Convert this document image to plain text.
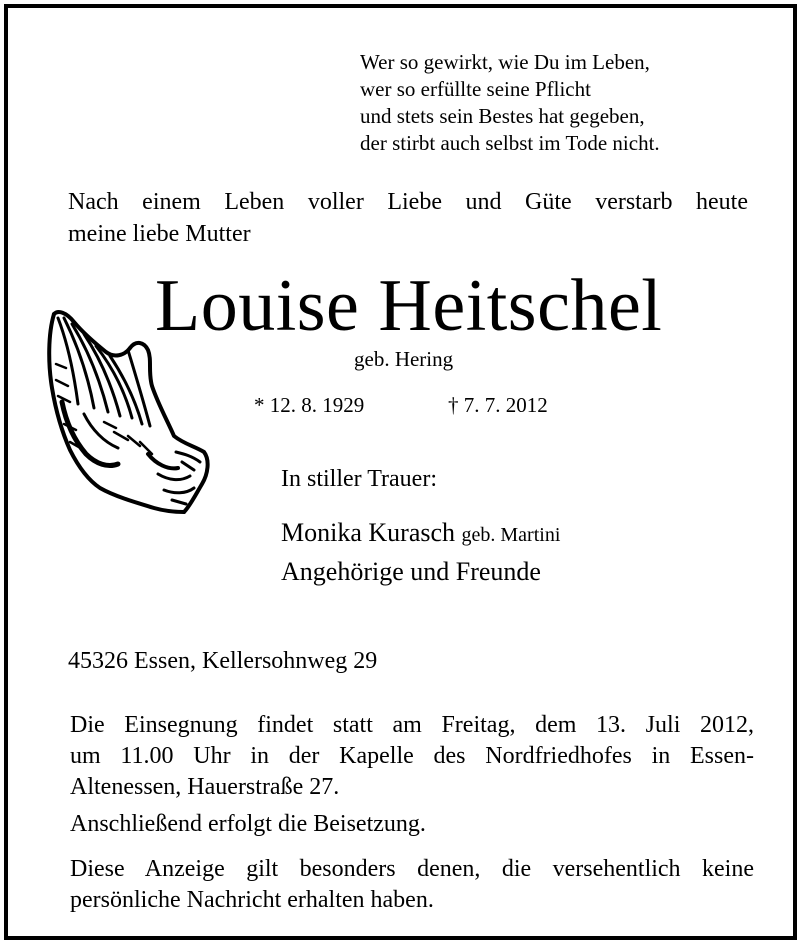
Wer so gewirkt, wie Du im Leben,
wer so erfüllte seine Pflicht
und stets sein Bestes hat gegeben,
der stirbt auch selbst im Tode nicht.
Nach einem Leben voller Liebe und Güte verstarb heute
meine liebe Mutter
Louise Heitschel
geb. Hering
* 12. 8. 1929	† 7. 7. 2012
In stiller Trauer:
Monika Kurasch geb. Martini
Angehörige und Freunde
45326 Essen, Kellersohnweg 29
Die Einsegnung findet statt am Freitag, dem 13. Juli 2012,
um 11.00 Uhr in der Kapelle des Nordfriedhofes in Essen-
Altenessen, Hauerstraße 27.
Anschließend erfolgt die Beisetzung.
Diese Anzeige gilt besonders denen, die versehentlich keine
persönliche Nachricht erhalten haben.
